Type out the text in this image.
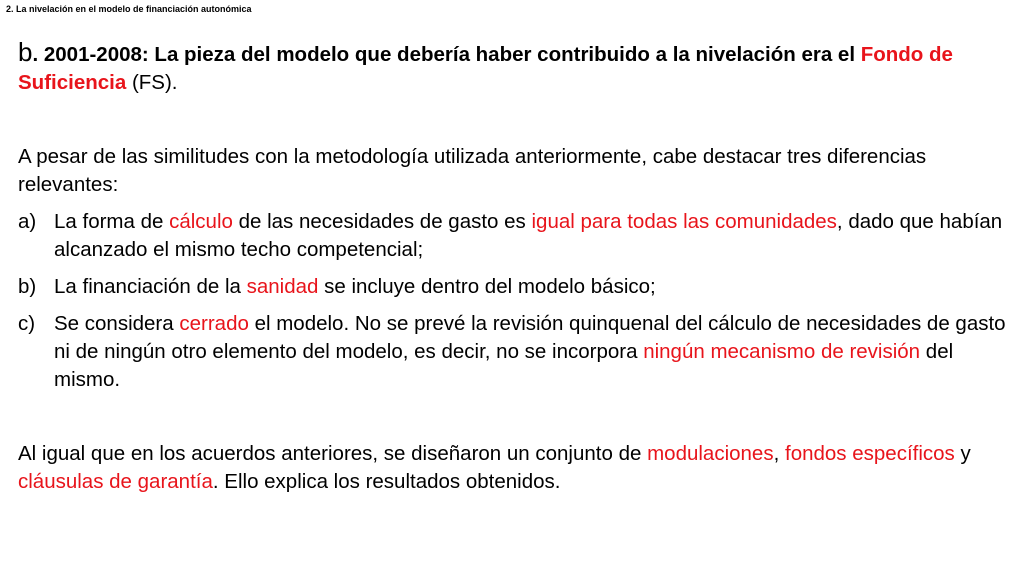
2. La nivelación en el modelo de financiación autonómica

b. 2001-2008: La pieza del modelo que debería haber contribuido a la nivelación era el Fondo de Suficiencia (FS).

A pesar de las similitudes con la metodología utilizada anteriormente, cabe destacar tres diferencias relevantes:

a) La forma de cálculo de las necesidades de gasto es igual para todas las comunidades, dado que habían alcanzado el mismo techo competencial;
b) La financiación de la sanidad se incluye dentro del modelo básico;
c) Se considera cerrado el modelo. No se prevé la revisión quinquenal del cálculo de necesidades de gasto ni de ningún otro elemento del modelo, es decir, no se incorpora ningún mecanismo de revisión del mismo.

Al igual que en los acuerdos anteriores, se diseñaron un conjunto de modulaciones, fondos específicos y cláusulas de garantía. Ello explica los resultados obtenidos.
